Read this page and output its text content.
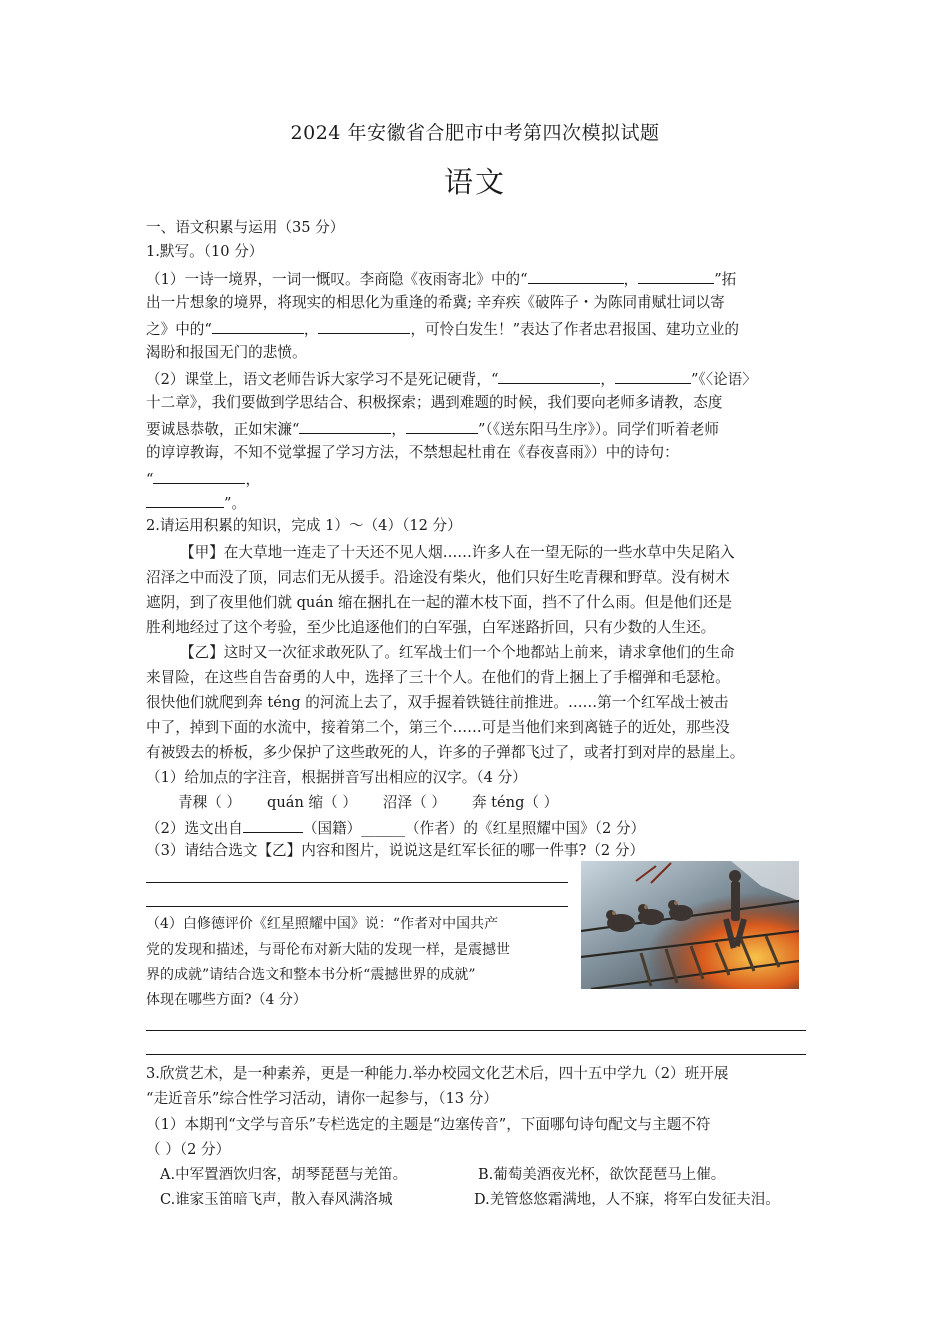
2024 年安徽省合肥市中考第四次模拟试题
语文
一、语文积累与运用（35 分）
1.默写。（10 分）
（1）一诗一境界，一词一慨叹。李商隐《夜雨寄北》中的“	，	”拓
出一片想象的境界，将现实的相思化为重逢的希冀; 辛弃疾《破阵子・为陈同甫赋壮词以寄
之》中的“	，	，可怜白发生！”表达了作者忠君报国、建功立业的
渴盼和报国无门的悲愤。
（2）课堂上，语文老师告诉大家学习不是死记硬背，“	，	”《〈论语〉
十二章》，我们要做到学思结合、积极探索；遇到难题的时候，我们要向老师多请教，态度
要诚恳恭敬，正如宋濂“	，	”（《送东阳马生序》）。同学们听着老师
的谆谆教诲，不知不觉掌握了学习方法，不禁想起杜甫在《春夜喜雨》）中的诗句：
“	，
”。
2.请运用积累的知识，完成 1）～（4）（12 分）
【甲】在大草地一连走了十天还不见人烟……许多人在一望无际的一些水草中失足陷入
沼泽之中而没了顶，同志们无从援手。沿途没有柴火，他们只好生吃青稞和野草。没有树木
遮阴，到了夜里他们就 quán 缩在捆扎在一起的灌木枝下面，挡不了什么雨。但是他们还是
胜利地经过了这个考验，至少比追逐他们的白军强，白军迷路折回，只有少数的人生还。
【乙】这时又一次征求敢死队了。红军战士们一个个地都站上前来，请求拿他们的生命
来冒险，在这些自告奋勇的人中，选择了三十个人。在他们的背上捆上了手榴弹和毛瑟枪。
很快他们就爬到奔 téng 的河流上去了，双手握着铁链往前推进。……第一个红军战士被击
中了，掉到下面的水流中，接着第二个，第三个……可是当他们来到离链子的近处，那些没
有被毁去的桥板，多少保护了这些敢死的人，许多的子弹都飞过了，或者打到对岸的悬崖上。
（1）给加点的字注音，根据拼音写出相应的汉字。（4 分）
青稞（ ） quán 缩（ ） 沼泽（ ） 奔 téng（ ）
（2）选文出自	（国籍）______（作者）的《红星照耀中国》（2 分）
（3）请结合选文【乙】内容和图片，说说这是红军长征的哪一件事?（2 分）
（4）白修德评价《红星照耀中国》说：“作者对中国共产
党的发现和描述，与哥伦布对新大陆的发现一样，是震撼世
界的成就”请结合选文和整本书分析“震撼世界的成就”
体现在哪些方面?（4 分）
3.欣赏艺术，是一种素养，更是一种能力.举办校园文化艺术后，四十五中学九（2）班开展
“走近音乐”综合性学习活动，请你一起参与，（13 分）
（1）本期刊“文学与音乐”专栏选定的主题是“边塞传音”，下面哪句诗句配文与主题不符
（ ）（2 分）
A.中军置酒饮归客，胡琴琵琶与羌笛。	B.葡萄美酒夜光杯，欲饮琵琶马上催。
C.谁家玉笛暗飞声，散入春风满洛城	D.羌管悠悠霜满地，人不寐，将军白发征夫泪。
